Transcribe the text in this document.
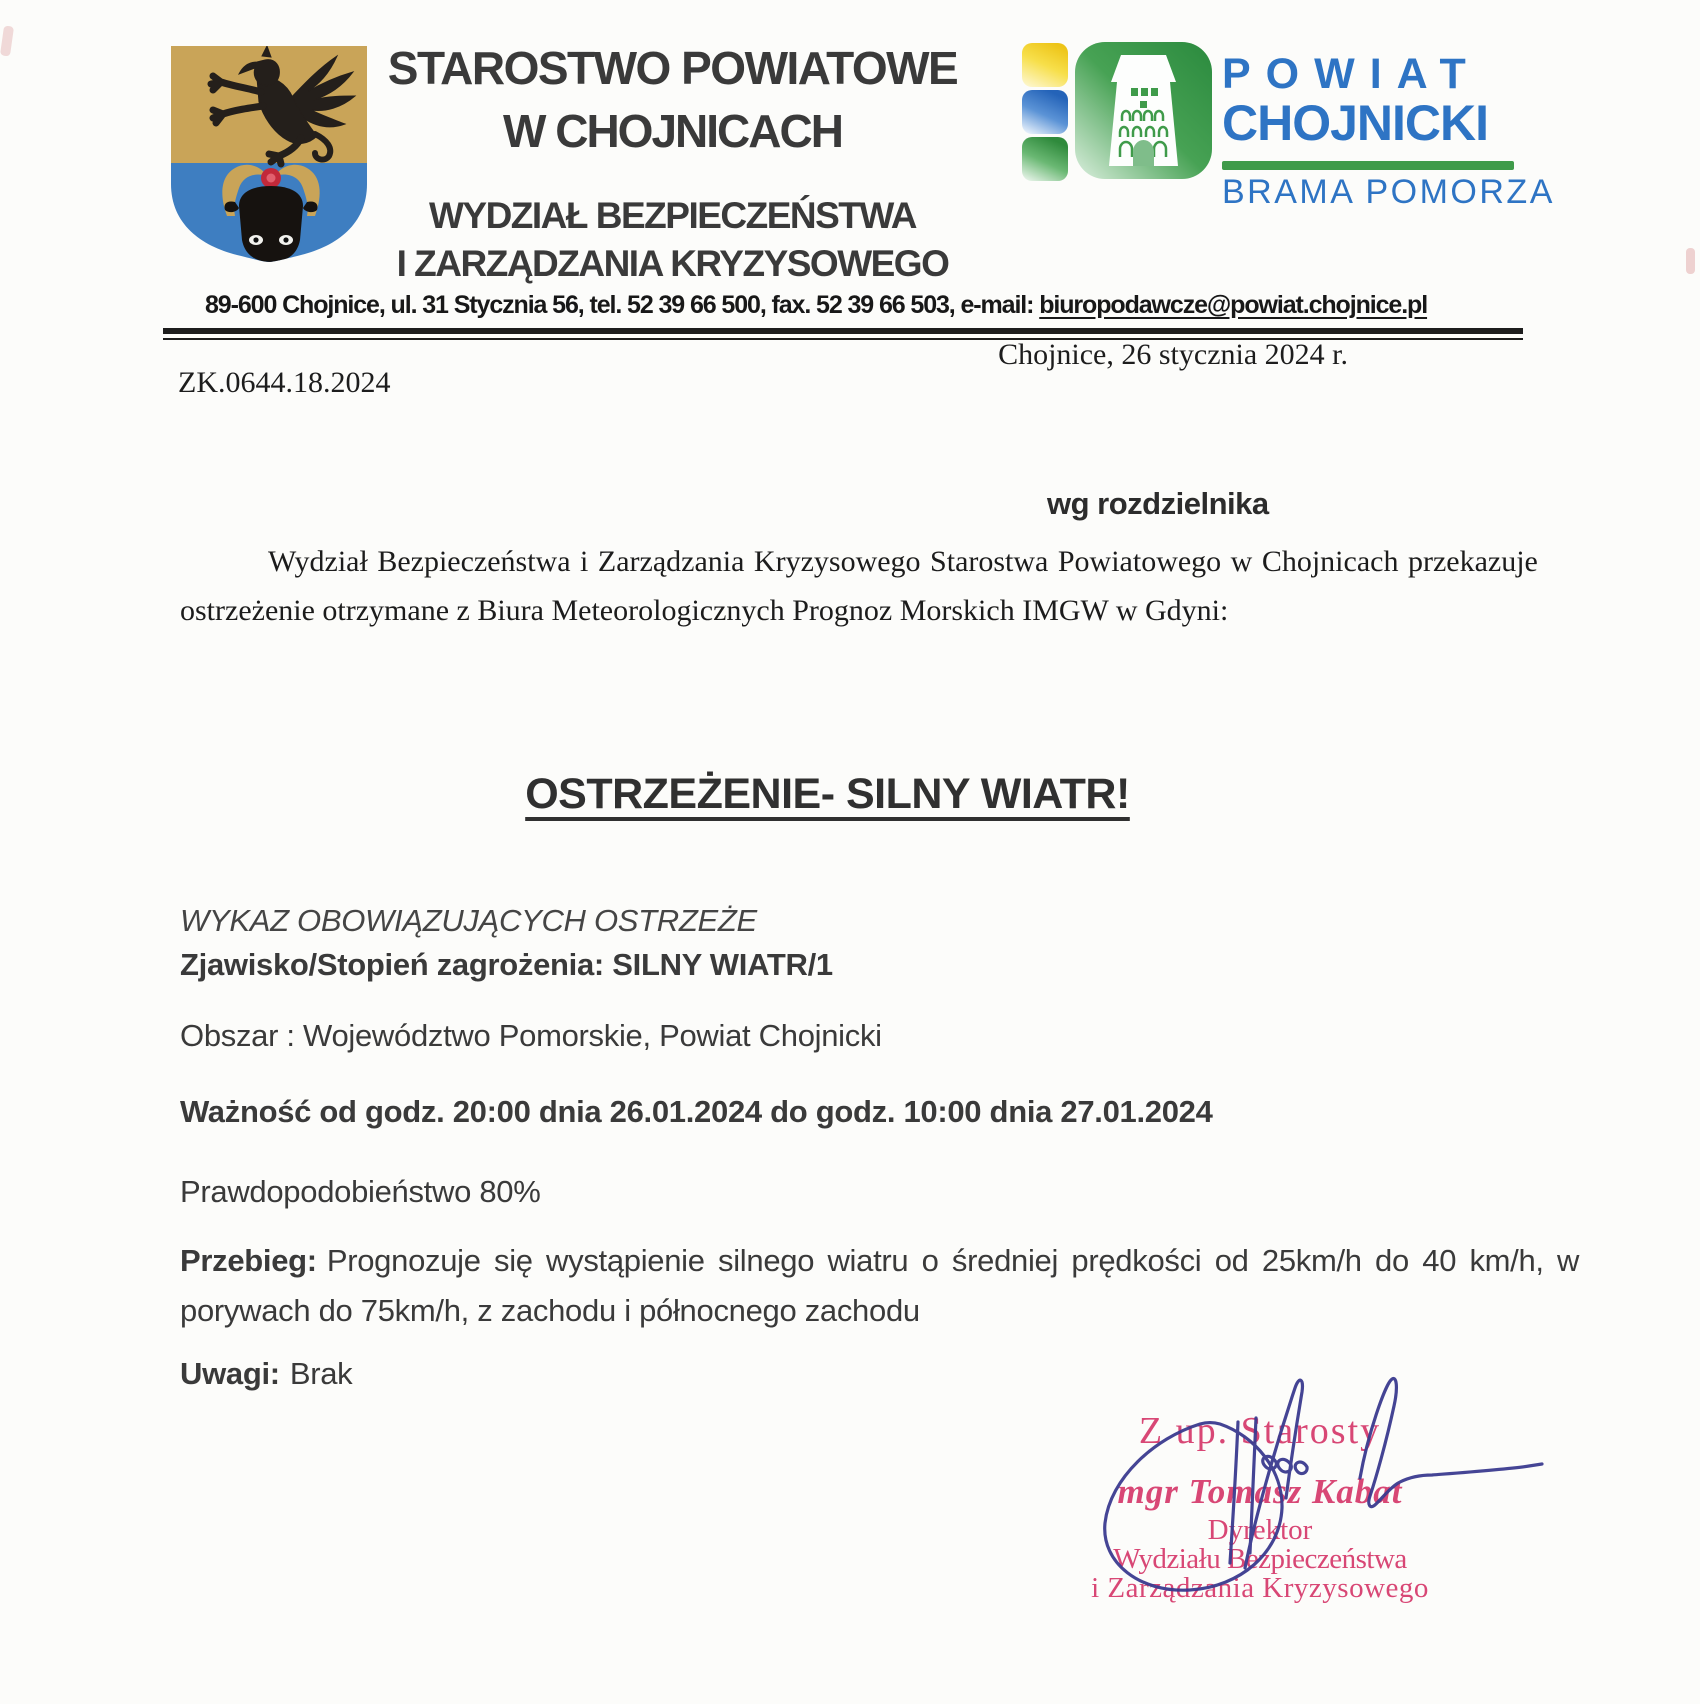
STAROSTWO POWIATOWE
W CHOJNICACH
WYDZIAŁ BEZPIECZEŃSTWA
I ZARZĄDZANIA KRYZYSOWEGO
POWIAT
CHOJNICKI
BRAMA POMORZA
89-600 Chojnice, ul. 31 Stycznia 56, tel. 52 39 66 500, fax. 52 39 66 503, e-mail: biuropodawcze@powiat.chojnice.pl
Chojnice, 26 stycznia 2024 r.
ZK.0644.18.2024
wg rozdzielnika
Wydział Bezpieczeństwa i Zarządzania Kryzysowego Starostwa Powiatowego w Chojnicach przekazuje
ostrzeżenie otrzymane z Biura Meteorologicznych Prognoz Morskich IMGW w Gdyni:
OSTRZEŻENIE- SILNY WIATR!
WYKAZ OBOWIĄZUJĄCYCH OSTRZEŻE
Zjawisko/Stopień zagrożenia: SILNY WIATR/1
Obszar : Województwo Pomorskie, Powiat Chojnicki
Ważność od godz. 20:00 dnia 26.01.2024 do godz. 10:00 dnia 27.01.2024
Prawdopodobieństwo 80%
Przebieg: Prognozuje się wystąpienie silnego wiatru o średniej prędkości od 25km/h do 40 km/h, w
porywach do 75km/h, z zachodu i północnego zachodu
Uwagi: Brak
Z up. Starosty
mgr Tomasz Kabat
Dyrektor
Wydziału Bezpieczeństwa
i Zarządzania Kryzysowego
